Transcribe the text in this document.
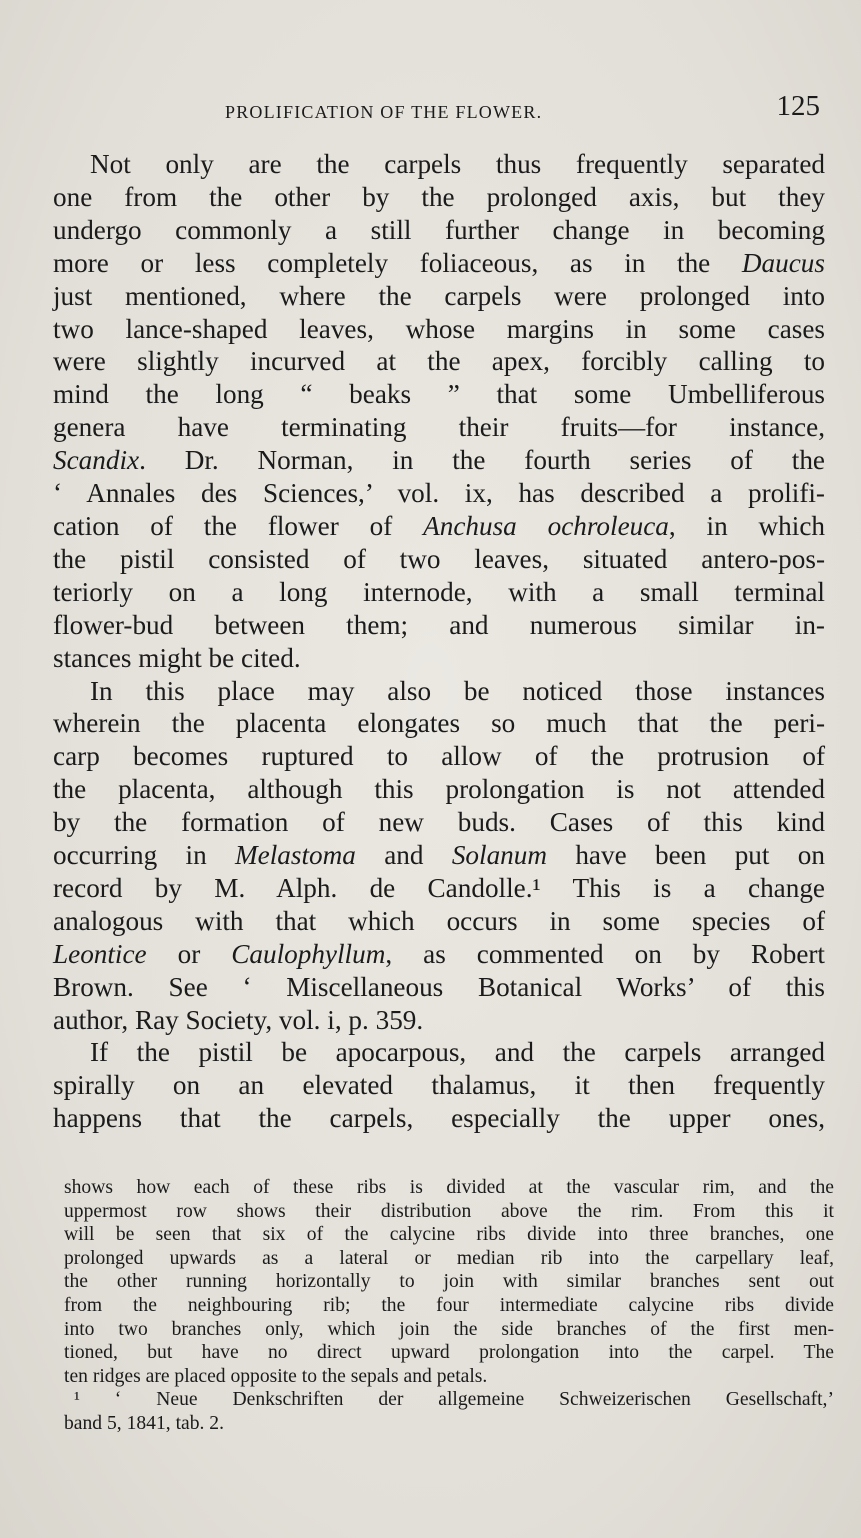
PROLIFICATION OF THE FLOWER.	125
Not only are the carpels thus frequently separated
one from the other by the prolonged axis, but they
undergo commonly a still further change in becoming
more or less completely foliaceous, as in the Daucus
just mentioned, where the carpels were prolonged into
two lance-shaped leaves, whose margins in some cases
were slightly incurved at the apex, forcibly calling to
mind the long “ beaks ” that some Umbelliferous
genera have terminating their fruits—for instance,
Scandix. Dr. Norman, in the fourth series of the
‘ Annales des Sciences,’ vol. ix, has described a prolifi-
cation of the flower of Anchusa ochroleuca, in which
the pistil consisted of two leaves, situated antero-pos-
teriorly on a long internode, with a small terminal
flower-bud between them; and numerous similar in-
stances might be cited.
In this place may also be noticed those instances
wherein the placenta elongates so much that the peri-
carp becomes ruptured to allow of the protrusion of
the placenta, although this prolongation is not attended
by the formation of new buds. Cases of this kind
occurring in Melastoma and Solanum have been put on
record by M. Alph. de Candolle.¹ This is a change
analogous with that which occurs in some species of
Leontice or Caulophyllum, as commented on by Robert
Brown. See ‘ Miscellaneous Botanical Works’ of this
author, Ray Society, vol. i, p. 359.
If the pistil be apocarpous, and the carpels arranged
spirally on an elevated thalamus, it then frequently
happens that the carpels, especially the upper ones,
shows how each of these ribs is divided at the vascular rim, and the
uppermost row shows their distribution above the rim. From this it
will be seen that six of the calycine ribs divide into three branches, one
prolonged upwards as a lateral or median rib into the carpellary leaf,
the other running horizontally to join with similar branches sent out
from the neighbouring rib; the four intermediate calycine ribs divide
into two branches only, which join the side branches of the first men-
tioned, but have no direct upward prolongation into the carpel. The
ten ridges are placed opposite to the sepals and petals.
¹ ‘ Neue Denkschriften der allgemeine Schweizerischen Gesellschaft,’
band 5, 1841, tab. 2.
